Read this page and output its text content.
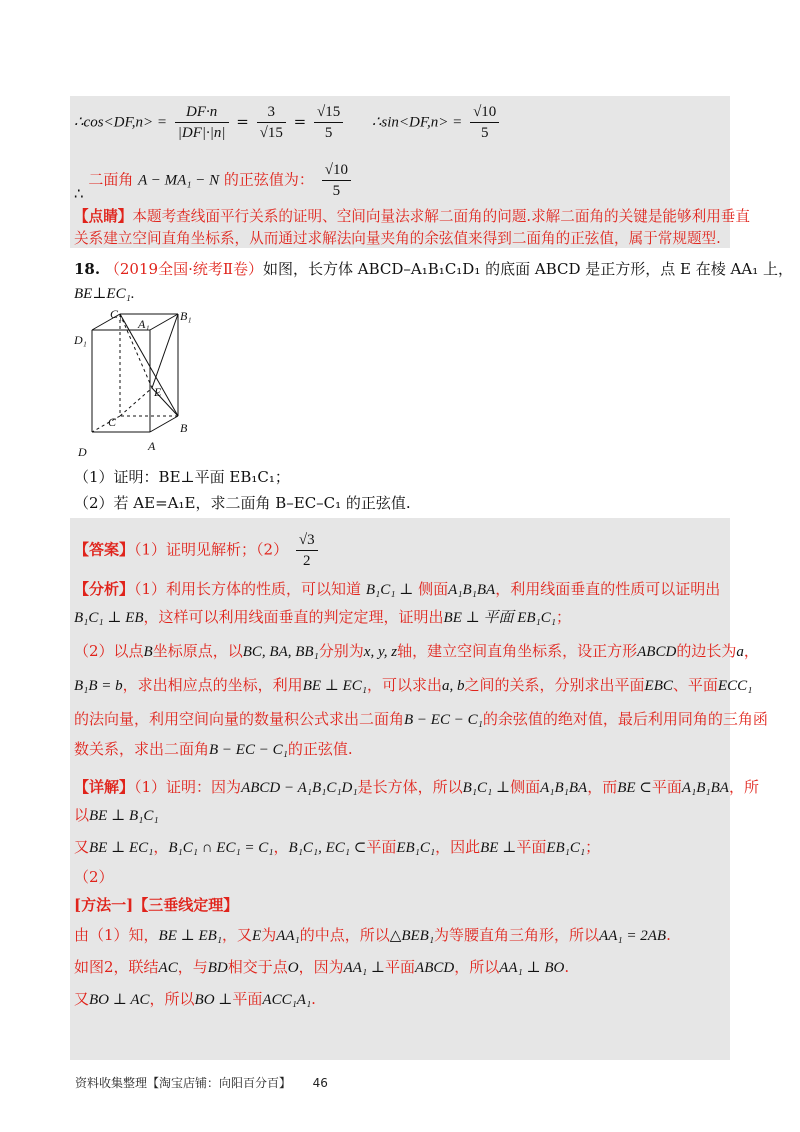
∴cos<DF,n> = $\frac{DF\cdot n}{|DF|\cdot|n|} = \frac{3}{√15} = \frac{√15}{5}$ ∴sin<DF,n> = $\frac{√10}{5}$
∴ 二面角 A − MA₁ − N 的正弦值为： $\frac{√10}{5}$
【点睛】本题考查线面平行关系的证明、空间向量法求解二面角的问题.求解二面角的关键是能够利用垂直
关系建立空间直角坐标系，从而通过求解法向量夹角的余弦值来得到二面角的正弦值，属于常规题型.
18. （2019全国·统考Ⅱ卷）如图，长方体 ABCD–A₁B₁C₁D₁ 的底面 ABCD 是正方形，点 E 在棱 AA₁ 上，
BE⊥EC₁.
C₁
A₁
B₁
D₁
E
C	B
D	A
（1）证明：BE⊥平面 EB₁C₁；
（2）若 AE=A₁E，求二面角 B–EC–C₁ 的正弦值.
【答案】（1）证明见解析；$(2) \frac{√3}{2}$
【分析】（1）利用长方体的性质，可以知道 B₁C₁ ⊥ 侧面A₁B₁BA，利用线面垂直的性质可以证明出
B₁C₁ ⊥ EB，这样可以利用线面垂直的判定定理，证明出BE ⊥ 平面 EB₁C₁；
（2）以点B坐标原点，以BC, BA, BB₁分别为x, y, z轴，建立空间直角坐标系，设正方形ABCD的边长为a，
B₁B = b，求出相应点的坐标，利用BE ⊥ EC₁，可以求出a, b之间的关系，分别求出平面EBC、平面ECC₁
的法向量，利用空间向量的数量积公式求出二面角B − EC − C₁的余弦值的绝对值，最后利用同角的三角函
数关系，求出二面角B − EC − C₁的正弦值.
【详解】（1）证明：因为ABCD − A₁B₁C₁D₁是长方体，所以B₁C₁ ⊥侧面A₁B₁BA，而BE ⊂平面A₁B₁BA，所
以BE ⊥ B₁C₁
又BE ⊥ EC₁，B₁C₁ ∩ EC₁ = C₁，B₁C₁, EC₁ ⊂平面EB₁C₁，因此BE ⊥平面EB₁C₁；
（2）
[方法一]【三垂线定理】
由（1）知，BE ⊥ EB₁，又E为AA₁的中点，所以△BEB₁为等腰直角三角形，所以AA₁ = 2AB.
如图2，联结AC，与BD相交于点O，因为AA₁ ⊥平面ABCD，所以AA₁ ⊥ BO.
又BO ⊥ AC，所以BO ⊥平面ACC₁A₁.
资料收集整理【淘宝店铺：向阳百分百】 46
